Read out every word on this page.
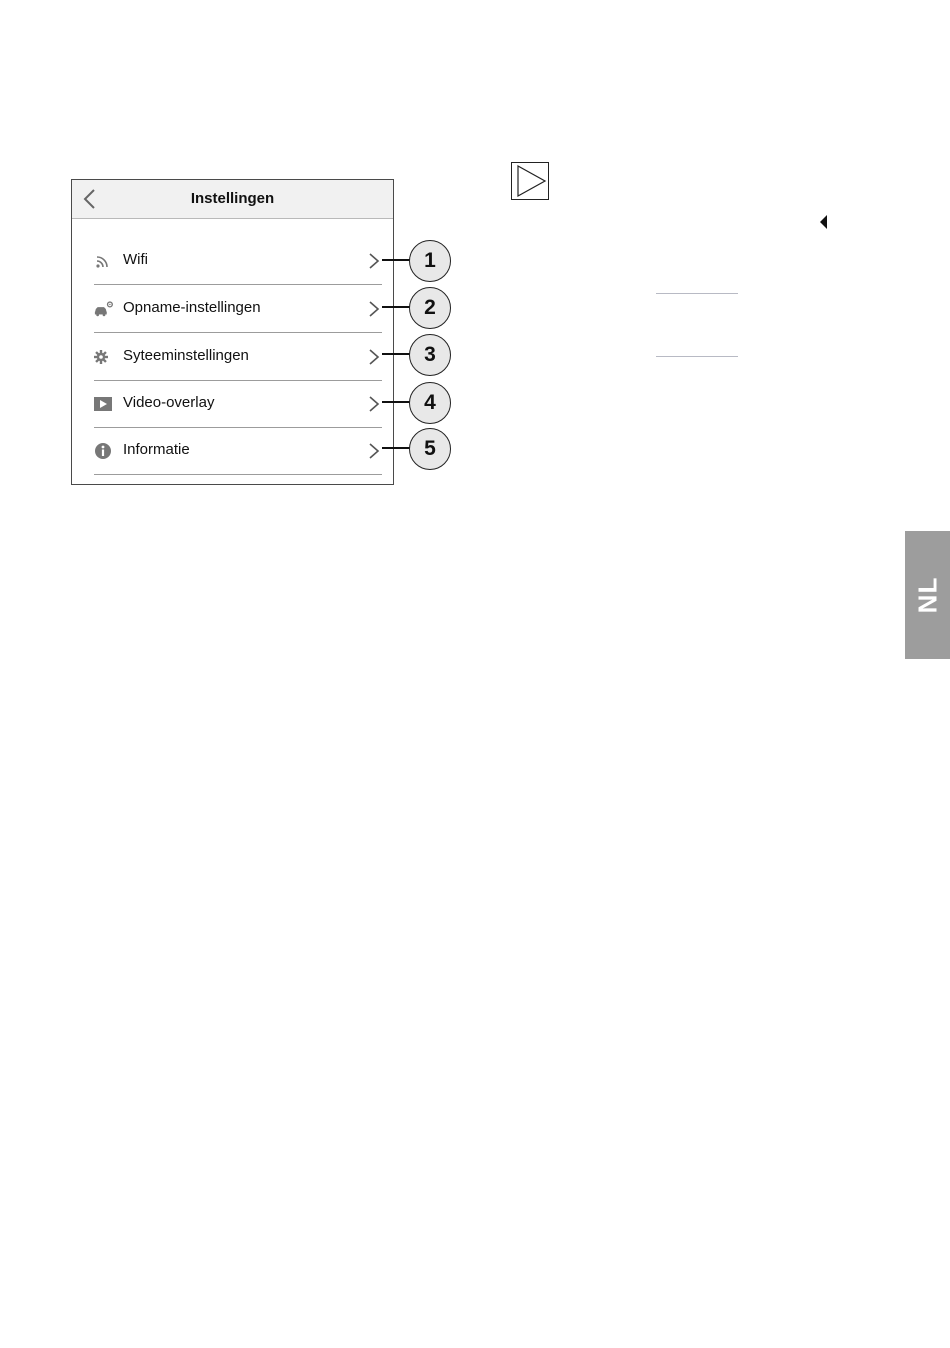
Instellingen
Wifi
Opname-instellingen
Syteeminstellingen
Video-overlay
Informatie
1
2
3
4
5
NL
